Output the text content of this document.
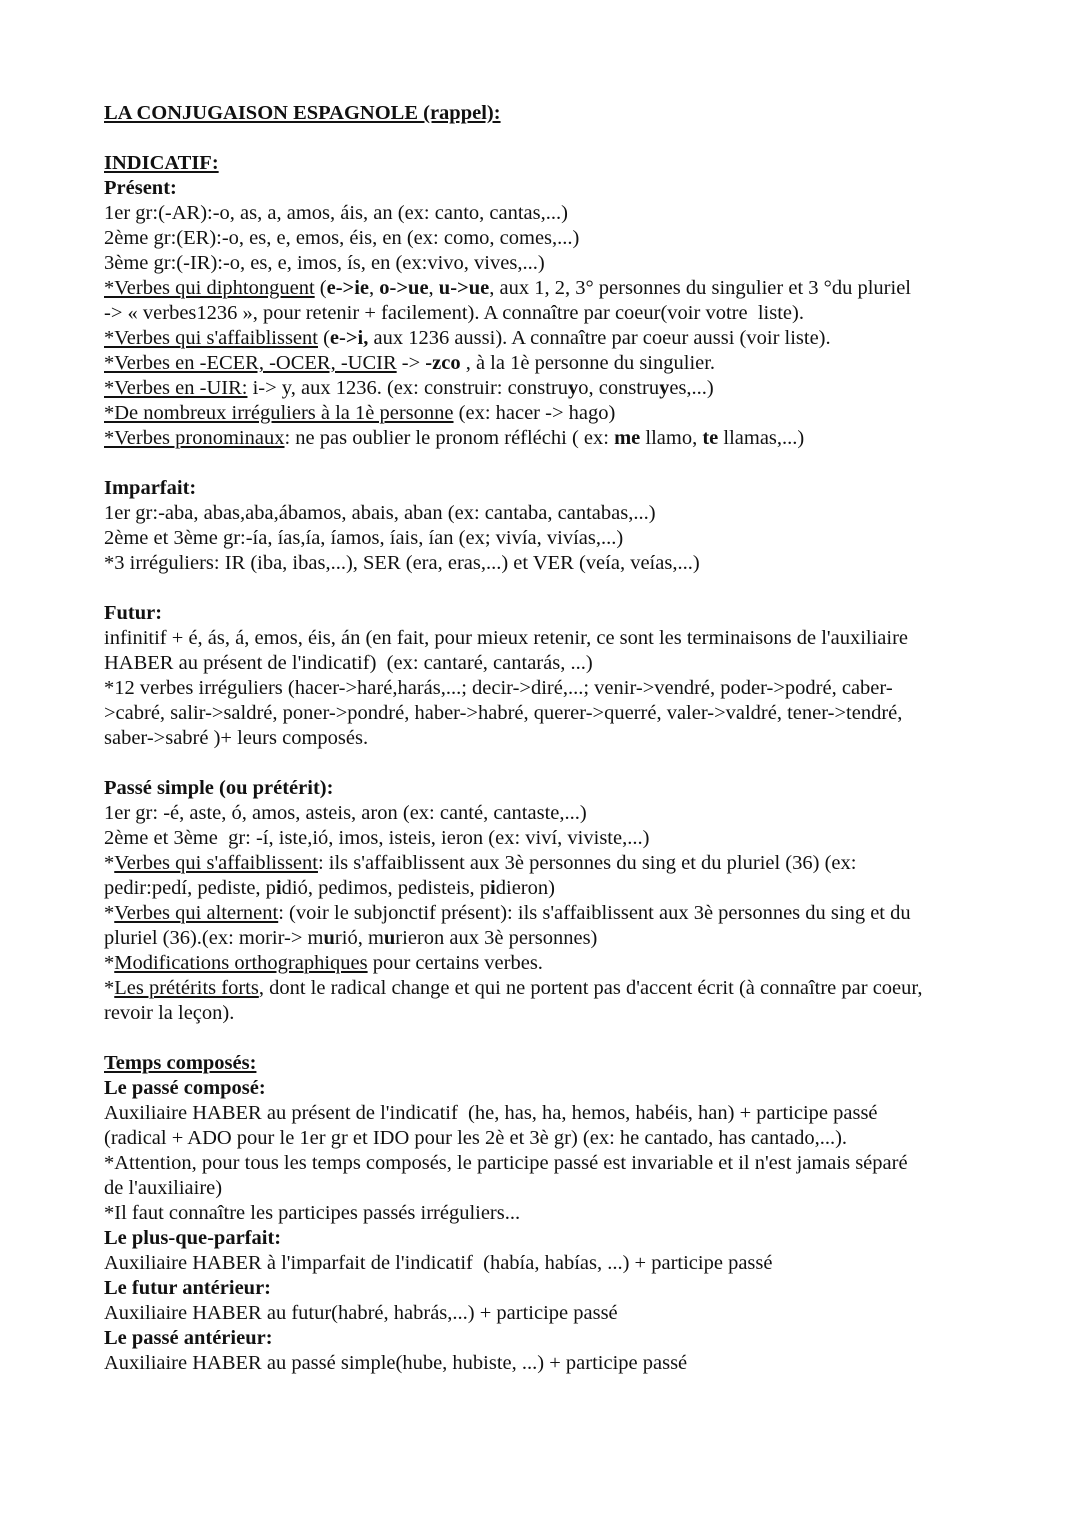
LA CONJUGAISON ESPAGNOLE (rappel):
INDICATIF:
Présent:
1er gr:(-AR):-o, as, a, amos, áis, an (ex: canto, cantas,...)
2ème gr:(ER):-o, es, e, emos, éis, en (ex: como, comes,...)
3ème gr:(-IR):-o, es, e, imos, ís, en (ex:vivo, vives,...)
*Verbes qui diphtonguent (e->ie, o->ue, u->ue, aux 1, 2, 3° personnes du singulier et 3 °du pluriel
-> « verbes1236 », pour retenir + facilement). A connaître par coeur(voir votre  liste).
*Verbes qui s'affaiblissent (e->i, aux 1236 aussi). A connaître par coeur aussi (voir liste).
*Verbes en -ECER, -OCER, -UCIR -> -zco , à la 1è personne du singulier.
*Verbes en -UIR: i-> y, aux 1236. (ex: construir: construyo, construyes,...)
*De nombreux irréguliers à la 1è personne (ex: hacer -> hago)
*Verbes pronominaux: ne pas oublier le pronom réfléchi ( ex: me llamo, te llamas,...)
Imparfait:
1er gr:-aba, abas,aba,ábamos, abais, aban (ex: cantaba, cantabas,...)
2ème et 3ème gr:-ía, ías,ía, íamos, íais, ían (ex; vivía, vivías,...)
*3 irréguliers: IR (iba, ibas,...), SER (era, eras,...) et VER (veía, veías,...)
Futur:
infinitif + é, ás, á, emos, éis, án (en fait, pour mieux retenir, ce sont les terminaisons de l'auxiliaire
HABER au présent de l'indicatif)  (ex: cantaré, cantarás, ...)
*12 verbes irréguliers (hacer->haré,harás,...; decir->diré,...; venir->vendré, poder->podré, caber-
>cabré, salir->saldré, poner->pondré, haber->habré, querer->querré, valer->valdré, tener->tendré,
saber->sabré )+ leurs composés.
Passé simple (ou prétérit):
1er gr: -é, aste, ó, amos, asteis, aron (ex: canté, cantaste,...)
2ème et 3ème  gr: -í, iste,ió, imos, isteis, ieron (ex: viví, viviste,...)
*Verbes qui s'affaiblissent: ils s'affaiblissent aux 3è personnes du sing et du pluriel (36) (ex:
pedir:pedí, pediste, pidió, pedimos, pedisteis, pidieron)
*Verbes qui alternent: (voir le subjonctif présent): ils s'affaiblissent aux 3è personnes du sing et du
pluriel (36).(ex: morir-> murió, murieron aux 3è personnes)
*Modifications orthographiques pour certains verbes.
*Les prétérits forts, dont le radical change et qui ne portent pas d'accent écrit (à connaître par coeur,
revoir la leçon).
Temps composés:
Le passé composé:
Auxiliaire HABER au présent de l'indicatif  (he, has, ha, hemos, habéis, han) + participe passé
(radical + ADO pour le 1er gr et IDO pour les 2è et 3è gr) (ex: he cantado, has cantado,...).
*Attention, pour tous les temps composés, le participe passé est invariable et il n'est jamais séparé
de l'auxiliaire)
*Il faut connaître les participes passés irréguliers...
Le plus-que-parfait:
Auxiliaire HABER à l'imparfait de l'indicatif  (había, habías, ...) + participe passé
Le futur antérieur:
Auxiliaire HABER au futur(habré, habrás,...) + participe passé
Le passé antérieur:
Auxiliaire HABER au passé simple(hube, hubiste, ...) + participe passé
